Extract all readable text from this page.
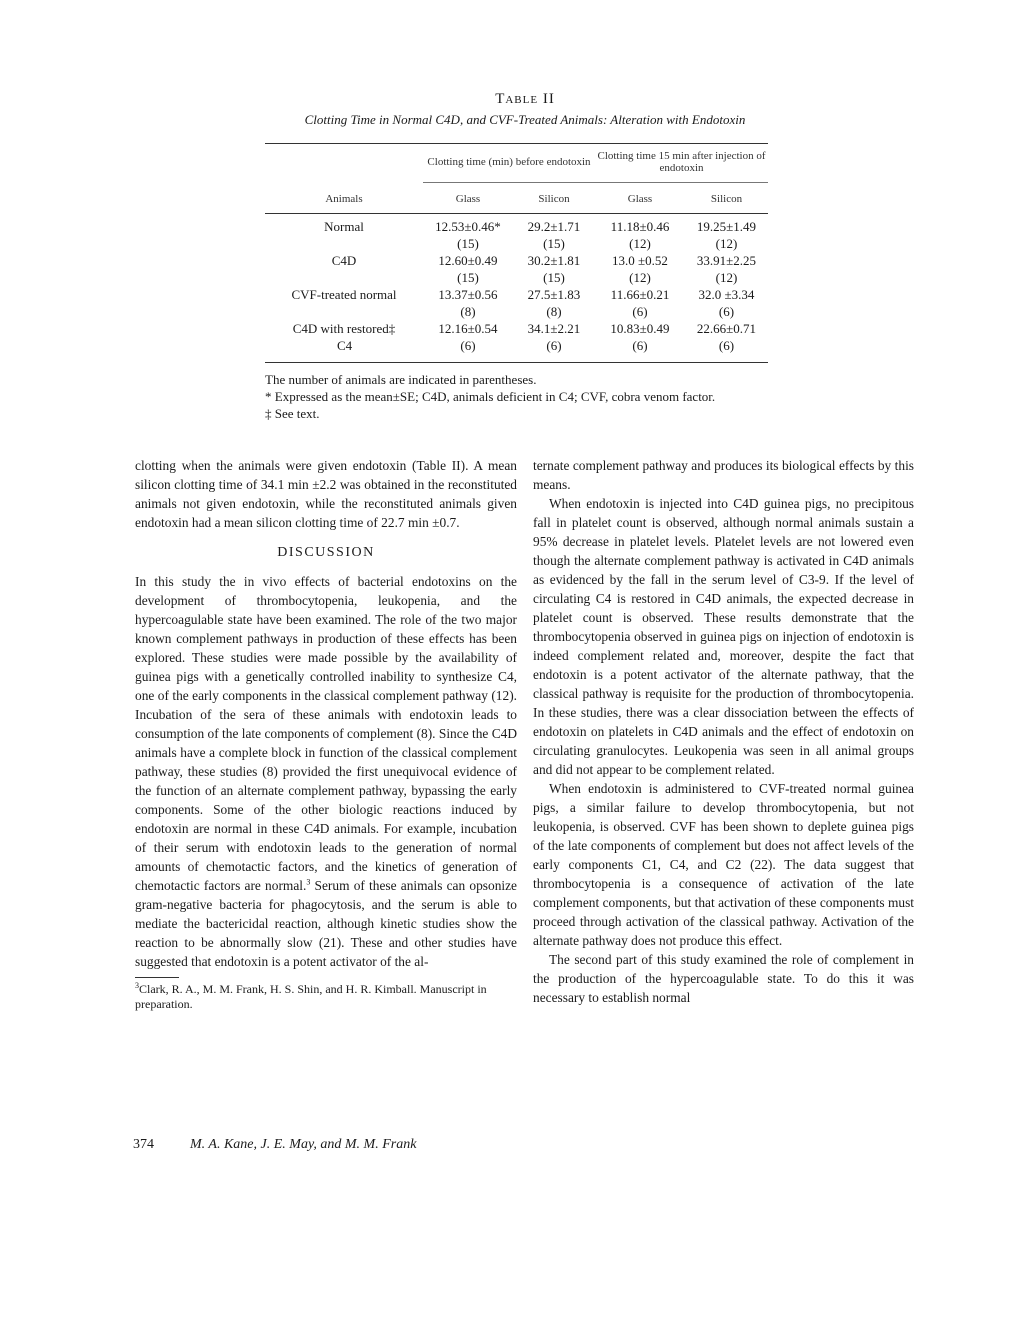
Table II

Clotting Time in Normal C4D, and CVF-Treated Animals: Alteration with Endotoxin

Animals	Clotting time (min) before endotoxin		Clotting time 15 min after injection of endotoxin	
	Glass	Silicon	Glass	Silicon
Normal	12.53±0.46*	29.2±1.71	11.18±0.46	19.25±1.49
	(15)	(15)	(12)	(12)
C4D	12.60±0.49	30.2±1.81	13.0 ±0.52	33.91±2.25
	(15)	(15)	(12)	(12)
CVF-treated normal	13.37±0.56	27.5±1.83	11.66±0.21	32.0 ±3.34
	(8)	(8)	(6)	(6)
C4D with restored‡	12.16±0.54	34.1±2.21	10.83±0.49	22.66±0.71
C4	(6)	(6)	(6)	(6)

The number of animals are indicated in parentheses.

* Expressed as the mean±SE; C4D, animals deficient in C4; CVF, cobra venom factor.

‡ See text.

clotting when the animals were given endotoxin (Table II). A mean silicon clotting time of 34.1 min ±2.2 was obtained in the reconstituted animals not given endotoxin, while the reconstituted animals given endotoxin had a mean silicon clotting time of 22.7 min ±0.7.

DISCUSSION

In this study the in vivo effects of bacterial endotoxins on the development of thrombocytopenia, leukopenia, and the hypercoagulable state have been examined. The role of the two major known complement pathways in production of these effects has been explored. These studies were made possible by the availability of guinea pigs with a genetically controlled inability to synthesize C4, one of the early components in the classical complement pathway (12). Incubation of the sera of these animals with endotoxin leads to consumption of the late components of complement (8). Since the C4D animals have a complete block in function of the classical complement pathway, these studies (8) provided the first unequivocal evidence of the function of an alternate complement pathway, bypassing the early components. Some of the other biologic reactions induced by endotoxin are normal in these C4D animals. For example, incubation of their serum with endotoxin leads to the generation of normal amounts of chemotactic factors, and the kinetics of generation of chemotactic factors are normal.$^3$ Serum of these animals can opsonize gram-negative bacteria for phagocytosis, and the serum is able to mediate the bactericidal reaction, although kinetic studies show the reaction to be abnormally slow (21). These and other studies have suggested that endotoxin is a potent activator of the al-

$^3$Clark, R. A., M. M. Frank, H. S. Shin, and H. R. Kimball. Manuscript in preparation.

ternate complement pathway and produces its biological effects by this means.

When endotoxin is injected into C4D guinea pigs, no precipitous fall in platelet count is observed, although normal animals sustain a 95% decrease in platelet levels. Platelet levels are not lowered even though the alternate complement pathway is activated in C4D animals as evidenced by the fall in the serum level of C3-9. If the level of circulating C4 is restored in C4D animals, the expected decrease in platelet count is observed. These results demonstrate that the thrombocytopenia observed in guinea pigs on injection of endotoxin is indeed complement related and, moreover, despite the fact that endotoxin is a potent activator of the alternate pathway, that the classical pathway is requisite for the production of thrombocytopenia. In these studies, there was a clear dissociation between the effects of endotoxin on platelets in C4D animals and the effect of endotoxin on circulating granulocytes. Leukopenia was seen in all animal groups and did not appear to be complement related.

When endotoxin is administered to CVF-treated normal guinea pigs, a similar failure to develop thrombocytopenia, but not leukopenia, is observed. CVF has been shown to deplete guinea pigs of the late components of complement but does not affect levels of the early components C1, C4, and C2 (22). The data suggest that thrombocytopenia is a consequence of activation of the late complement components, but that activation of these components must proceed through activation of the classical pathway. Activation of the alternate pathway does not produce this effect.

The second part of this study examined the role of complement in the production of the hypercoagulable state. To do this it was necessary to establish normal

374	M. A. Kane, J. E. May, and M. M. Frank
